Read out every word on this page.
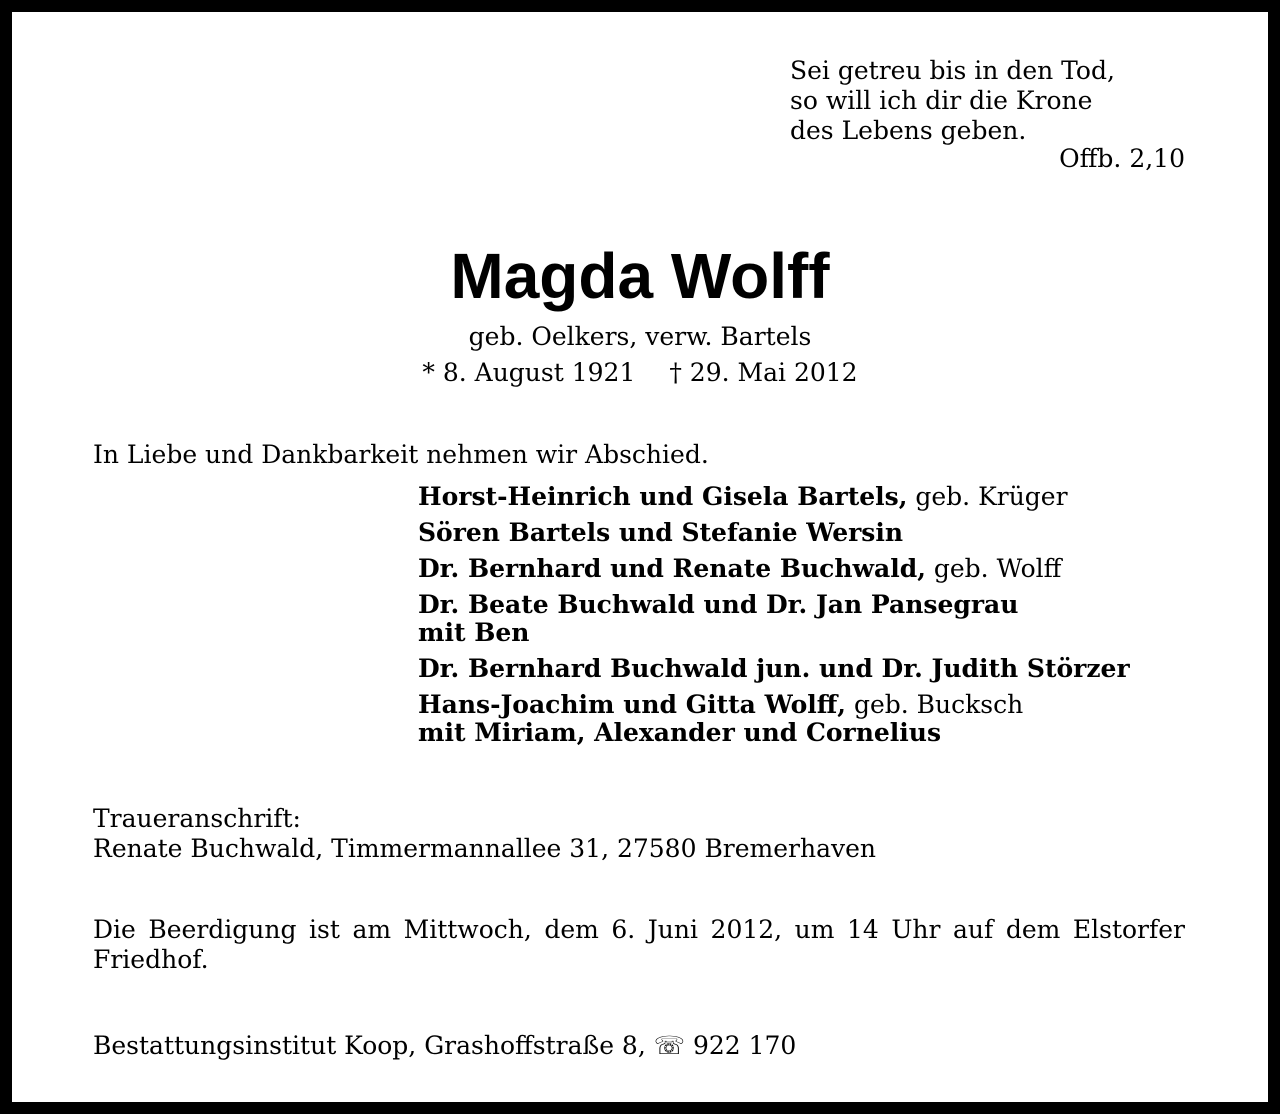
Sei getreu bis in den Tod,
so will ich dir die Krone
des Lebens geben.
Offb. 2,10
Magda Wolff
geb. Oelkers, verw. Bartels
* 8. August 1921 † 29. Mai 2012
In Liebe und Dankbarkeit nehmen wir Abschied.
Horst-Heinrich und Gisela Bartels, geb. Krüger
Sören Bartels und Stefanie Wersin
Dr. Bernhard und Renate Buchwald, geb. Wolff
Dr. Beate Buchwald und Dr. Jan Pansegrau
mit Ben
Dr. Bernhard Buchwald jun. und Dr. Judith Störzer
Hans-Joachim und Gitta Wolff, geb. Bucksch
mit Miriam, Alexander und Cornelius
Traueranschrift:
Renate Buchwald, Timmermannallee 31, 27580 Bremerhaven
Die Beerdigung ist am Mittwoch, dem 6. Juni 2012, um 14 Uhr auf dem Elstorfer Friedhof.
Bestattungsinstitut Koop, Grashoffstraße 8, ☏ 922 170
